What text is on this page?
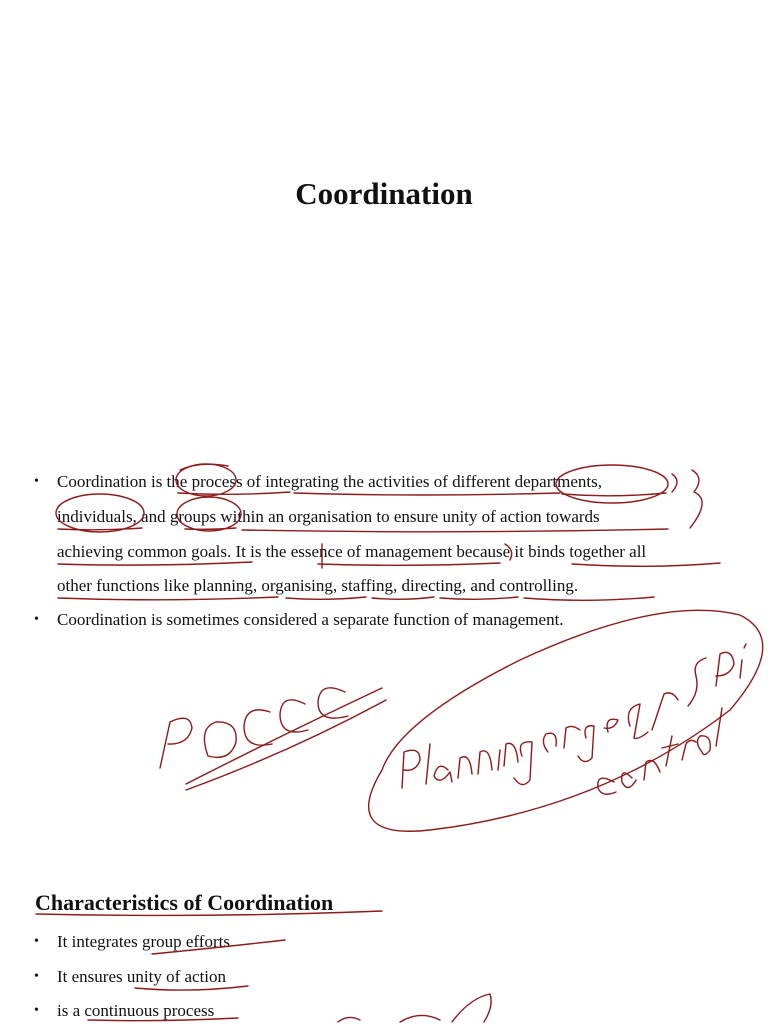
Coordination
• Coordination is the process of integrating the activities of different departments,
individuals, and groups within an organisation to ensure unity of action towards
achieving common goals. It is the essence of management because it binds together all
other functions like planning, organising, staffing, directing, and controlling.
• Coordination is sometimes considered a separate function of management.
Characteristics of Coordination
• It integrates group efforts
• It ensures unity of action
• is a continuous process
